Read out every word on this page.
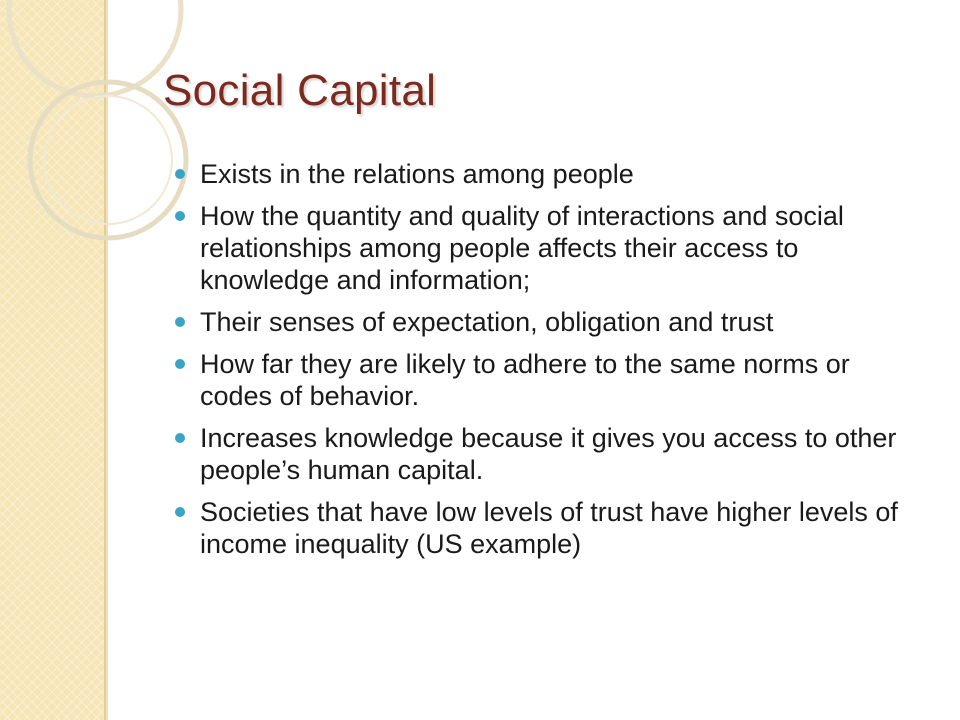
Social Capital
Exists in the relations among people
How the quantity and quality of interactions and social relationships among people affects their access to knowledge and information;
Their senses of expectation, obligation and trust
How far they are likely to adhere to the same norms or codes of behavior.
Increases knowledge because it gives you access to other people’s human capital.
Societies that have low levels of trust have higher levels of income inequality (US example)
